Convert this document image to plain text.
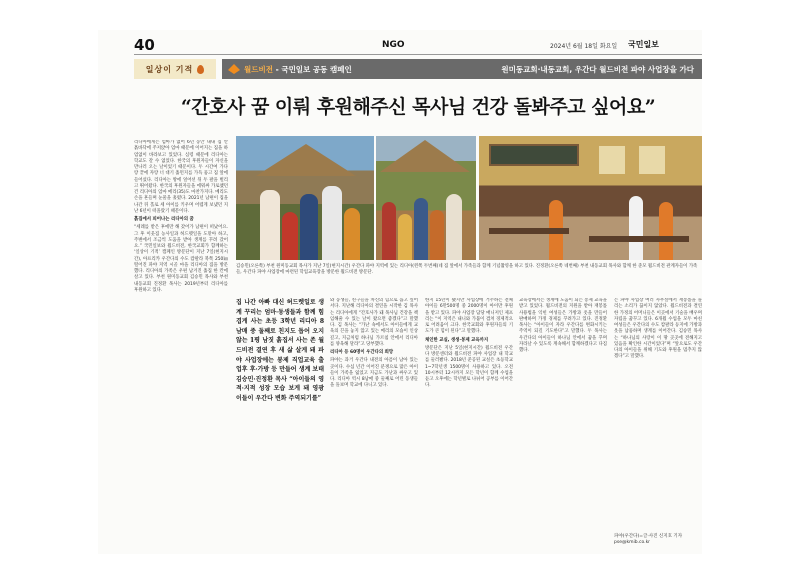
40	NGO	2024년 6월 18일 화요일 국민일보
일상이 기적	월드비전 - 국민일보 공동 캠페인	원미동교회·내동교회, 우간다 월드비전 파야 사업장을 가다
“간호사 꿈 이뤄 후원해주신 목사님 건강 돌봐주고 싶어요”
김승민(오른쪽) 부천 원미동교회 목사가 지난 7일(현지시간) 우간다 파야 지역에 있는 리디아(왼쪽 두번째)네 집 앞에서 가족들과 함께 기념촬영을 하고 있다. 진정환(오른쪽 네번째) 부천 내동교회 목사와 함께 한 준모 월드비전 관계자들이 가족들, 우간다 파야 사업장에 마련된 학업교육장을 방문한 월드비전 방문단.

리디아에게는 엄마가 없어 6년 동안 내내 집 안 흙바닥에 주저앉아 엄마 때문에 이어지는 집을 하염없이 바라보고 있었다. 심령 때문에 리디아는 학교도 갈 수 없었다. 한국의 후원자들이 자신을 만나러 오는 날이었기 때문이다. 두 시간여 가다랑 끝에 자랑 너 대기 흙먼지를 가득 품고 집 앞에 들어섰다. 리디아는 방에 얼어선 뒤 두 팔을 벌리고 뛰어왔다. 한국의 후원자들을 에워싸 가로챘던 건 리디아의 엄마 메리(35)도 마찬가지다. 메리도 손을 흔들며 눈물을 흘렸다. 2021년 남편이 집을 나간 뒤 홀로 세 아이를 키우며 어렵게 보냈던 지난 6년이 떠올랐기 때문이다.

흙집에서 피어나는 리디아의 꿈

“세례를 받은 후에만 해 갔어가 남편이 떠났어요. 그 후 이웃집 농사일과 허드렛일을 도맡아 하고, 주변에서 조금씩 도움을 받아 생계를 꾸려 갔어요.” 국민일보와 월드비전, 한국교회가 함께하는 ‘일상이 기적’ 캠페인 방문단이 지난 7일(현지시간), 아프리카 우간다의 수도 캄팔라 북쪽 250㎞ 떨어진 파야 지역 시골 마을 리디아의 집을 방문했다. 리디아의 가족은 우편 남겨진 흙집 한 칸에 살고 있다. 부천 원미동교회 김승민 목사와 부천 내동교회 진정환 목사는 2019년부터 리디아를 후원하고 있다.

집 나간 아빠 대신 허드렛일로 생계 꾸리는 엄마·동생들과 함께 힘겹게 사는 초등 3학년 리디아 8남매 중 둘째로 친지도 돕어 오지 않는 1평 남짓 흙집서 사는 존 월드비전 결연 후 새 삶 살게 돼 파야 사업장에는 봉제 직업교육 출업후 후·가방 등 만들어 생계 보태 김승민·진정환 목사 “아이들의 영적·지적 성장 모습 보게 돼 영광 이들이 우간다 변화 주역되기를”

와 동생들, 친구들을 차신의 힘으로 돕고 싶어서다. 지난해 리디아의 결연을 시작한 김 목사는 리디아에게 “간호사가 돼 목사님 건강을 책임해줄 수 있는 날이 왔으면 좋겠다”고 말했다. 김 목사는 “가난 속에서도 아이들에게 교육의 끈을 놓지 않고 있는 메리의 모습이 인상 깊고, 지금처럼 하나님 가르침 안에서 리디아를 양육해 달라”고 당부했다.

리디아 등 60명이 우간다의 희망

파야는 과거 우간다 내전의 아픔이 남아 있는 곳이다. 수십 년간 이어진 분쟁으로 많은 아이들이 가족을 잃었고 지금도 가난과 싸우고 있다. 리디아 역시 8남매 중 둘째로 어린 동생들을 돌보며 학교에 다니고 있다.

한지 15년이 됐지만 사업장에 거주하는 전체 아이들 6만500명 중 2000명이 아이만 후원을 받고 있다. 파야 사업장 담당 매니저인 제프리는 “이 지역은 내니와 가뭄이 겹쳐 경제적으로 어려움이 크다. 한국교회와 후원자들의 기도가 큰 힘이 된다”고 말했다.

체인한 교실, 생생·봉제 교육까지

방문단은 지난 5일(현지시간) 월드비전 우간다 방문센터와 월드비전 파야 사업장 내 학교를 둘러봤다. 2018년 준공된 교실은 초등학교 1~7학년생 1500명이 사용하고 있다. 오전 10시부터 12시까지 모든 학년이 함께 수업을 듣고 오후에는 학년별로 나뉘어 공부를 이어간다.

교육장에서는 생계에 도움이 되는 봉제 교육을 받고 있었다. 월드비전의 지원을 받아 재봉틀 사용법을 익힌 여성들은 가방과 옷을 만들어 판매하며 가정 경제를 꾸려가고 있다. 진정환 목사는 “아이들이 자라 우간다를 변화시키는 주역이 되길 기도한다”고 말했다. 두 목사는 우간다의 아이들이 하나님 안에서 꿈을 꾸며 자라날 수 있도록 계속해서 함께하겠다고 다짐했다.

는 파야 사업장 여러 사무실에서 재봉틀을 돌리는 소리가 끊이지 않았다. 월드비전과 결연한 가정의 어머니들은 이곳에서 기술을 배우며 자립을 꿈꾸고 있다. 6개월 수업을 모두 마친 여성들은 우간다의 수도 캄팔라 등지에 가방과 옷을 납품하며 생계를 이어간다. 김승민 목사는 “하나님의 사랑이 이 땅 곳곳에 전해지고 있음을 확인한 시간이었다”며 “앞으로도 우간다의 아이들을 위해 기도와 후원을 멈추지 않겠다”고 말했다.

파야(우간다)=글·사진 신지호 기자
pse@kmib.co.kr
